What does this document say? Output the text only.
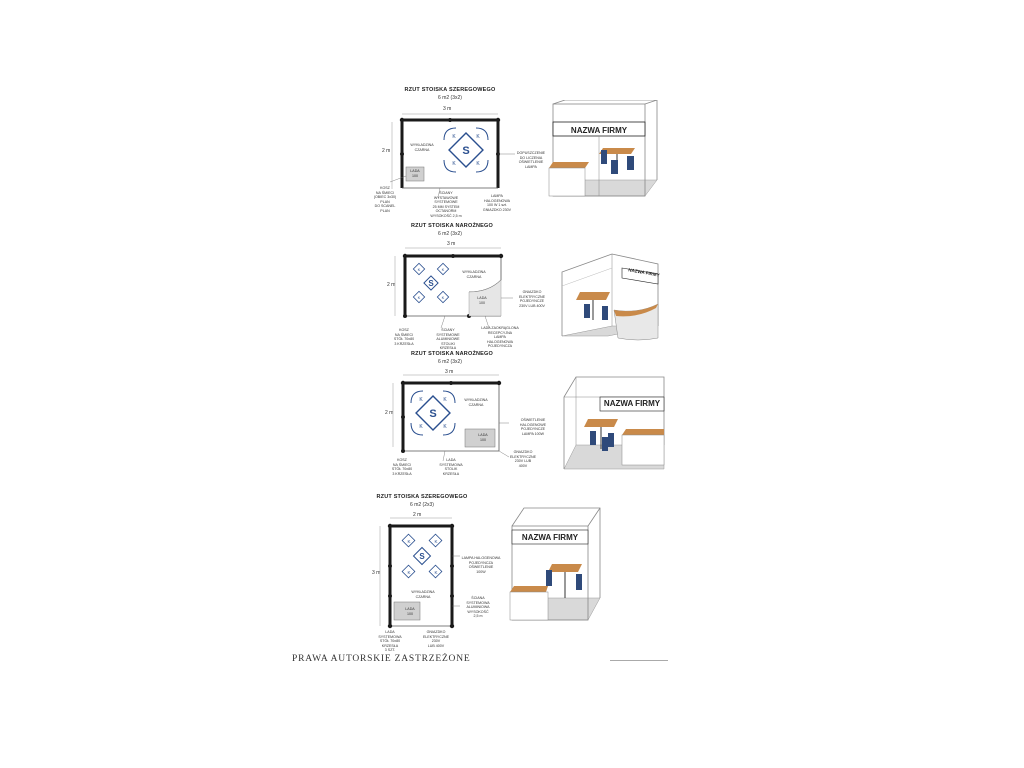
RZUT STOISKA SZEREGOWEGO
6 m2 (3x2)
3 m
2 m	S
K	K
K	K
WYKŁADZINA
CZARNA
DOPUSZCZENIE
DO LICZENIA
OŚWIETLENIE
LAMPA
LADA
100
KOSZ
NA ŚMIECI
(OBIEC 3x30)
PLAN
DO SCANEL
PLAN
ŚCIANY
WYSTAWOWE
SYSTEMOWE
25 MM SYSTEM
OCTANORM
WYSOKOŚĆ 2,5 m
LAMPA
HALOGENOWA
100 W 1 szt.
GNIAZDKO 230V
NAZWA FIRMY
RZUT STOISKA NAROŻNEGO
6 m2 (3x2)
3 m
2 m	S
K	K
K	K
WYKŁADZINA
CZARNA
GNIAZDKO
ELEKTRYCZNE
POJEDYNCZE
230V LUB 400V
LADA
100
KOSZ
NA ŚMIECI
STÓŁ 70x80
3 KRZESŁA
ŚCIANY
SYSTEMOWE
ALUMINIOWE
STOLIKI
KRZESŁA
LADA ZAOKRĄGLONA
RECEPCYJNA
LAMPA
HALOGENOWA
POJEDYNCZA
NAZWA FIRMY
RZUT STOISKA NAROŻNEGO
6 m2 (3x2)
3 m
2 m	S
K	K
K	K
WYKŁADZINA
CZARNA
OŚWIETLENIE
HALOGENOWE
POJEDYNCZE
LAMPA 100W
LADA
100
KOSZ
NA ŚMIECI
STÓŁ 70x80
3 KRZESŁA
LADA
SYSTEMOWA
STOLIK
KRZESŁA
GNIAZDKO
ELEKTRYCZNE
230V LUB
400V
NAZWA FIRMY
RZUT STOISKA SZEREGOWEGO
6 m2 (2x3)
2 m
3 m
S
K	K
K	K
WYKŁADZINA
CZARNA
LAMPA HALOGENOWA
POJEDYNCZA
OŚWIETLENIE
100W
LADA
100
LADA
SYSTEMOWA
STÓŁ 70x80
KRZESŁA
3 SZT.
GNIAZDKO
ELEKTRYCZNE
230V
LUB 400V
ŚCIANA
SYSTEMOWA
ALUMINIOWA
WYSOKOŚĆ
2,5 m
NAZWA FIRMY
PRAWA AUTORSKIE ZASTRZEŻONE
